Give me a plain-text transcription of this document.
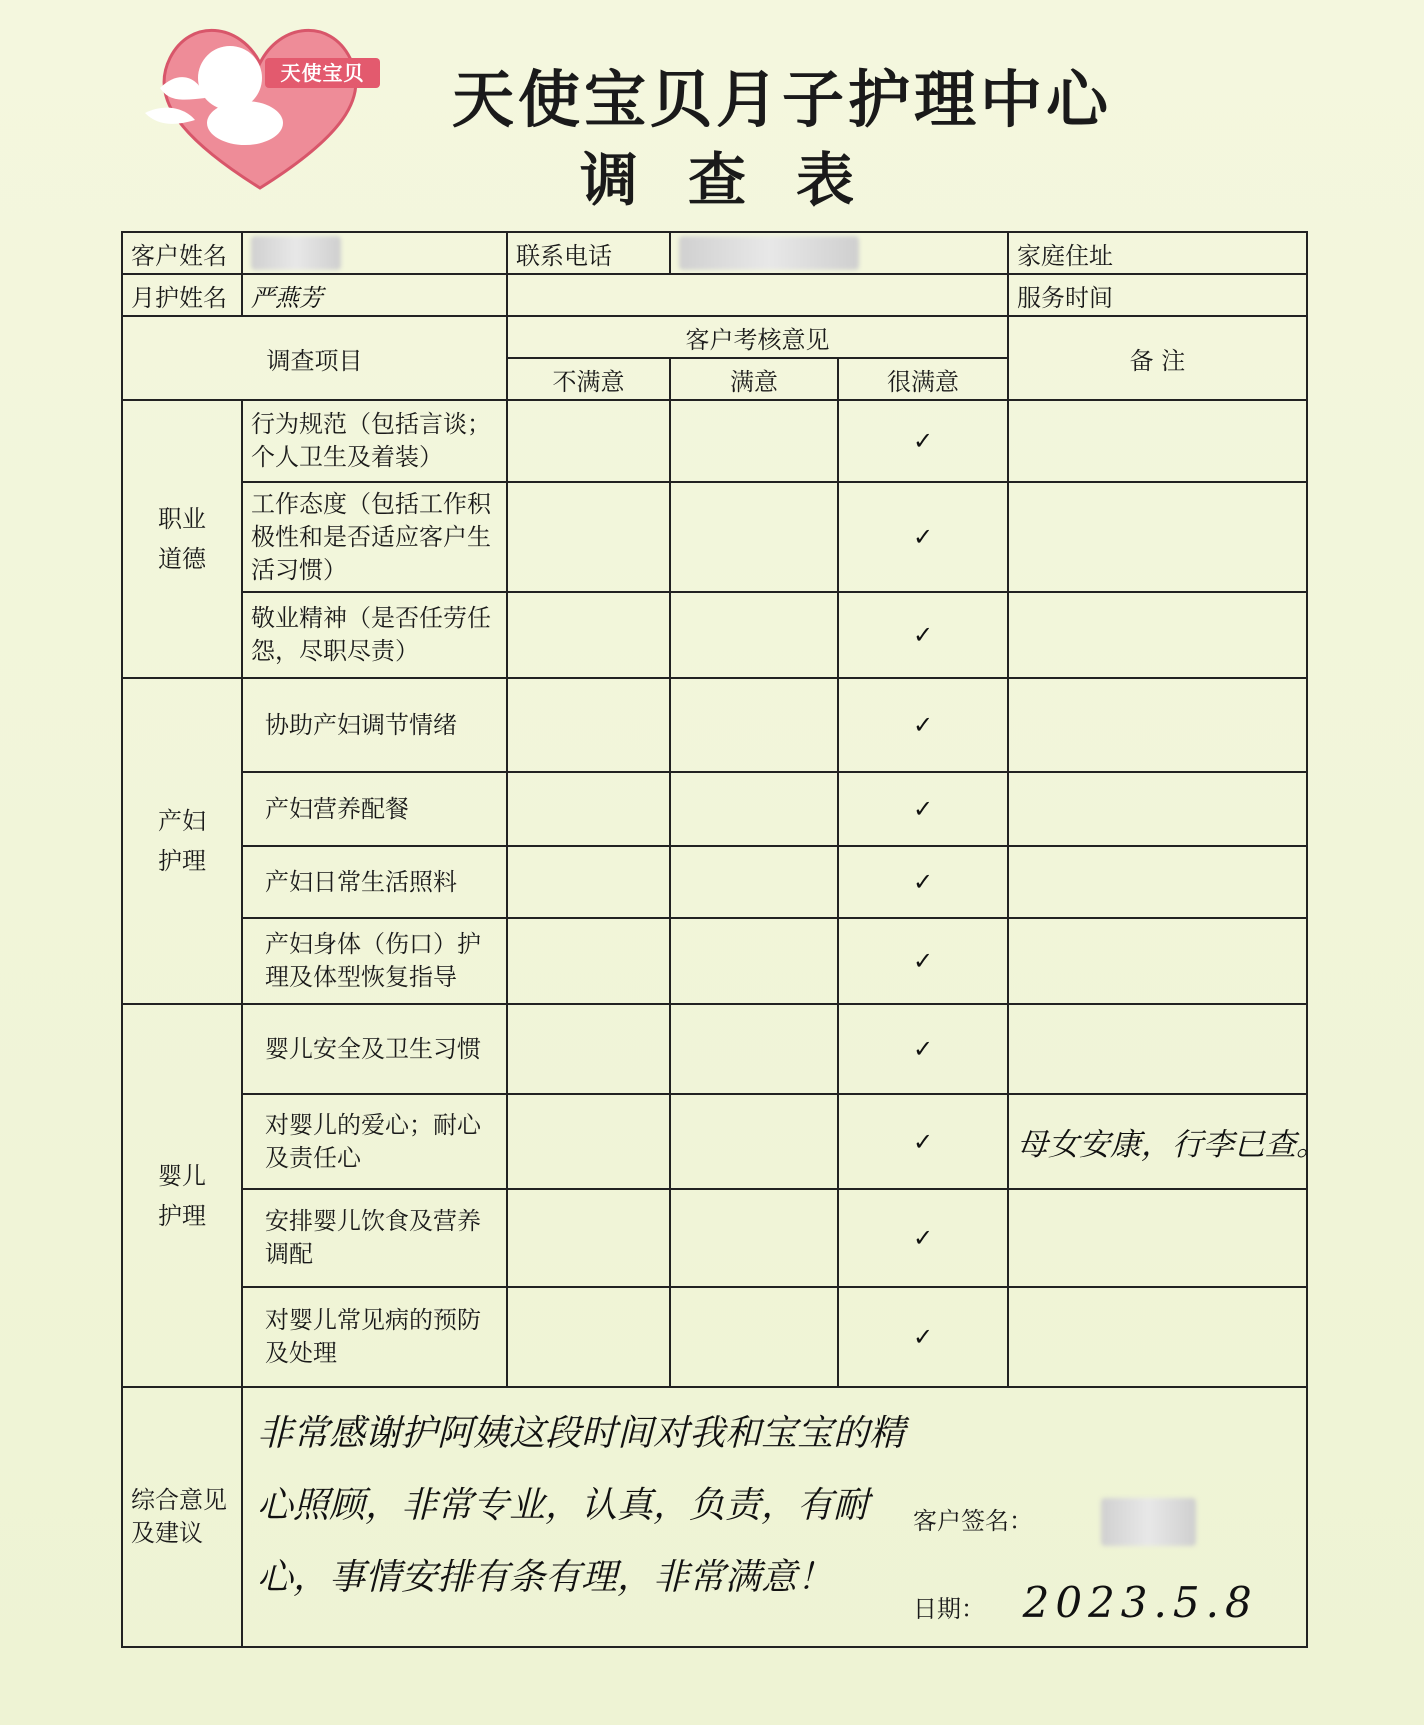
天使宝贝 天使宝贝月子护理中心
调查表
客户姓名		联系电话			家庭住址
月护姓名	严燕芳				服务时间
调查项目		客户考核意见			备 注
		不满意	满意	很满意	
职业
道德	行为规范（包括言谈；个人卫生及着装）			✓	
	工作态度（包括工作积极性和是否适应客户生活习惯）			✓	
	敬业精神（是否任劳任怨，尽职尽责）			✓	
产妇
护理	协助产妇调节情绪			✓	
	产妇营养配餐			✓	
	产妇日常生活照料			✓	
	产妇身体（伤口）护理及体型恢复指导			✓	
婴儿
护理	婴儿安全及卫生习惯			✓	
	对婴儿的爱心；耐心及责任心			✓	母女安康，行李已查。
	安排婴儿饮食及营养调配			✓	
	对婴儿常见病的预防及处理			✓	
综合意见及建议	非常感谢护阿姨这段时间对我和宝宝的精心照顾，非常专业，认真，负责，有耐心，事情安排有条有理，非常满意！
客户签名：
日期： 2023.5.8				
